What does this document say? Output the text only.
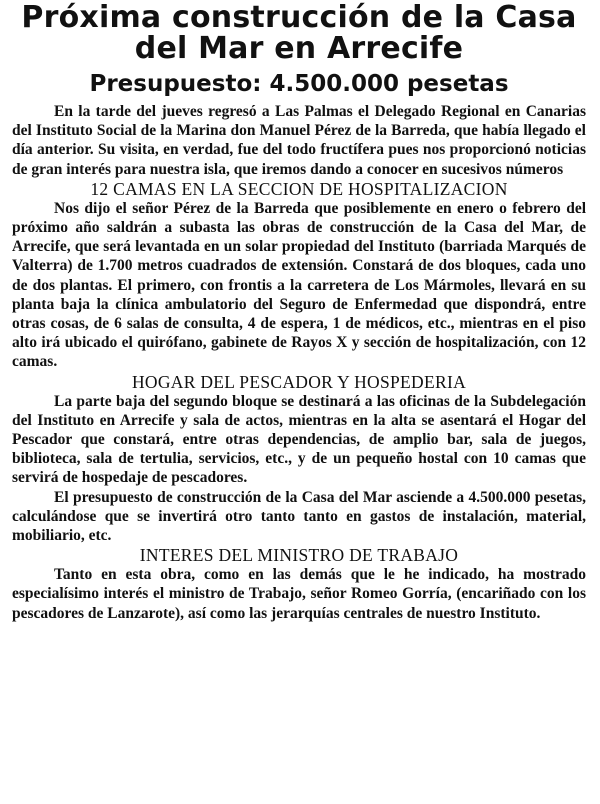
Próxima construcción de la Casa
del Mar en Arrecife
Presupuesto: 4.500.000 pesetas

En la tarde del jueves regresó a Las Palmas el Delegado Regional en Canarias del Instituto Social de la Marina don Manuel Pérez de la Barreda, que había llegado el día anterior. Su visita, en verdad, fue del todo fructífera pues nos proporcionó noticias de gran interés para nuestra isla, que iremos dando a conocer en sucesivos números

12 CAMAS EN LA SECCION DE HOSPITALIZACION

Nos dijo el señor Pérez de la Barreda que posiblemente en enero o febrero del próximo año saldrán a subasta las obras de construcción de la Casa del Mar, de Arrecife, que será levantada en un solar propiedad del Instituto (barriada Marqués de Valterra) de 1.700 metros cuadrados de extensión. Constará de dos bloques, cada uno de dos plantas. El primero, con frontis a la carretera de Los Mármoles, llevará en su planta baja la clínica ambulatorio del Seguro de Enfermedad que dispondrá, entre otras cosas, de 6 salas de consulta, 4 de espera, 1 de médicos, etc., mientras en el piso alto irá ubicado el quirófano, gabinete de Rayos X y sección de hospitalización, con 12 camas.

HOGAR DEL PESCADOR Y HOSPEDERIA

La parte baja del segundo bloque se destinará a las oficinas de la Subdelegación del Instituto en Arrecife y sala de actos, mientras en la alta se asentará el Hogar del Pescador que constará, entre otras dependencias, de amplio bar, sala de juegos, biblioteca, sala de tertulia, servicios, etc., y de un pequeño hostal con 10 camas que servirá de hospedaje de pescadores.

El presupuesto de construcción de la Casa del Mar asciende a 4.500.000 pesetas, calculándose que se invertirá otro tanto tanto en gastos de instalación, material, mobiliario, etc.

INTERES DEL MINISTRO DE TRABAJO

Tanto en esta obra, como en las demás que le he indicado, ha mostrado especialísimo interés el ministro de Trabajo, señor Romeo Gorría, (encariñado con los pescadores de Lanzarote), así como las jerarquías centrales de nuestro Instituto.
